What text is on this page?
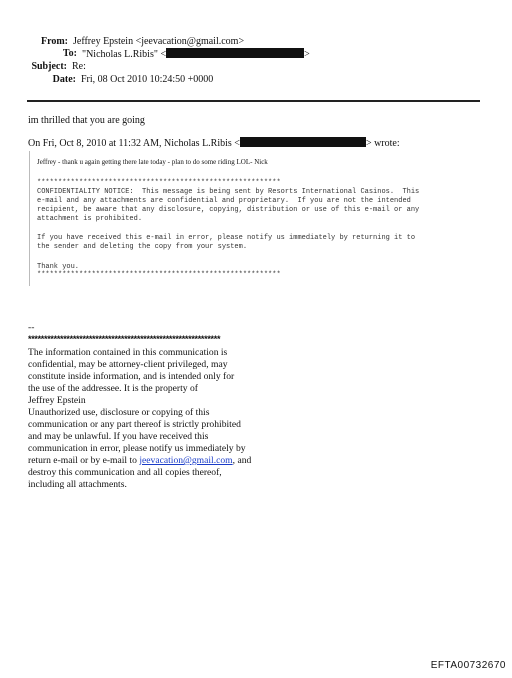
From: Jeffrey Epstein <jeevacation@gmail.com>
To: "Nicholas L.Ribis" <	>
Subject: Re:
Date: Fri, 08 Oct 2010 10:24:50 +0000
im thrilled that you are going
On Fri, Oct 8, 2010 at 11:32 AM, Nicholas L.Ribis <	> wrote:
Jeffrey - thank u again getting there late today - plan to do some riding LOL- Nick
**********************************************************
CONFIDENTIALITY NOTICE:  This message is being sent by Resorts International Casinos.  This
e-mail and any attachments are confidential and proprietary.  If you are not the intended
recipient, be aware that any disclosure, copying, distribution or use of this e-mail or any
attachment is prohibited.
If you have received this e-mail in error, please notify us immediately by returning it to
the sender and deleting the copy from your system.
Thank you.
**********************************************************
--
************************************************************
The information contained in this communication is
confidential, may be attorney-client privileged, may
constitute inside information, and is intended only for
the use of the addressee. It is the property of
Jeffrey Epstein
Unauthorized use, disclosure or copying of this
communication or any part thereof is strictly prohibited
and may be unlawful. If you have received this
communication in error, please notify us immediately by
return e-mail or by e-mail to jeevacation@gmail.com, and
destroy this communication and all copies thereof,
including all attachments.
EFTA00732670
